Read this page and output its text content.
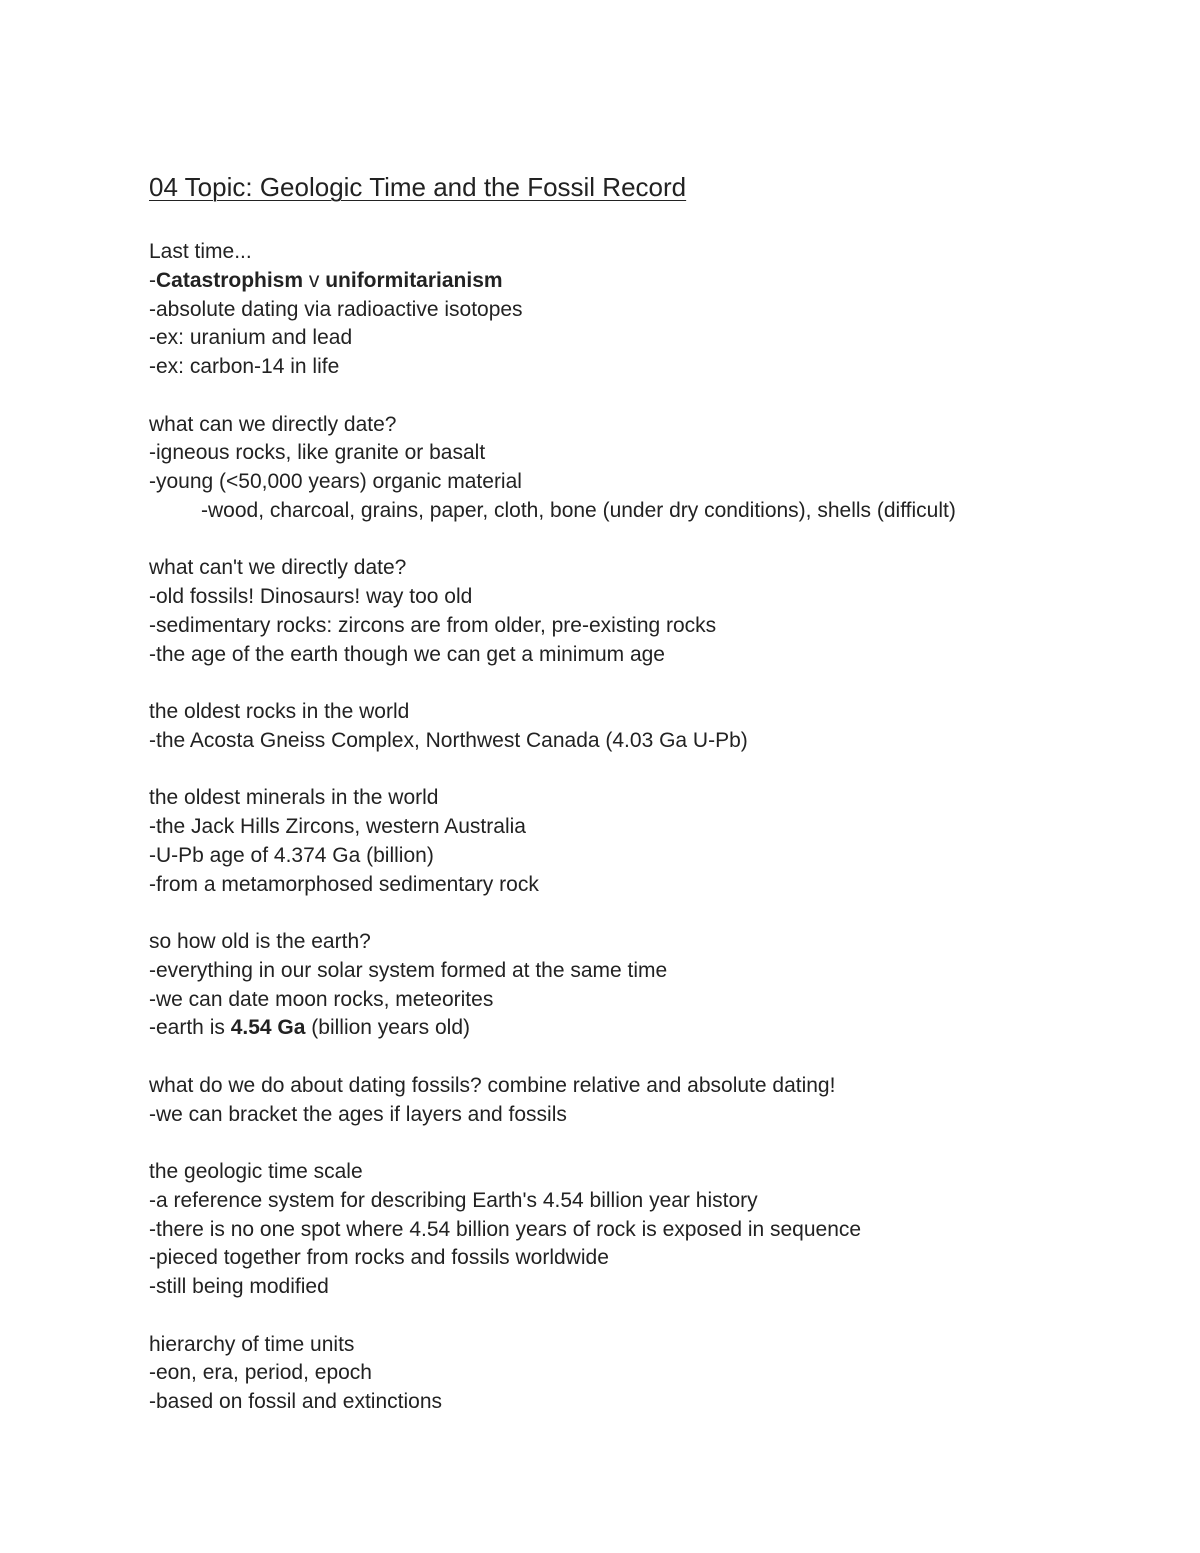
04 Topic: Geologic Time and the Fossil Record
Last time...
-Catastrophism v uniformitarianism
-absolute dating via radioactive isotopes
-ex: uranium and lead
-ex: carbon-14 in life
what can we directly date?
-igneous rocks, like granite or basalt
-young (<50,000 years) organic material
-wood, charcoal, grains, paper, cloth, bone (under dry conditions), shells (difficult)
what can't we directly date?
-old fossils! Dinosaurs! way too old
-sedimentary rocks: zircons are from older, pre-existing rocks
-the age of the earth though we can get a minimum age
the oldest rocks in the world
-the Acosta Gneiss Complex, Northwest Canada (4.03 Ga U-Pb)
the oldest minerals in the world
-the Jack Hills Zircons, western Australia
-U-Pb age of 4.374 Ga (billion)
-from a metamorphosed sedimentary rock
so how old is the earth?
-everything in our solar system formed at the same time
-we can date moon rocks, meteorites
-earth is 4.54 Ga (billion years old)
what do we do about dating fossils? combine relative and absolute dating!
-we can bracket the ages if layers and fossils
the geologic time scale
-a reference system for describing Earth's 4.54 billion year history
-there is no one spot where 4.54 billion years of rock is exposed in sequence
-pieced together from rocks and fossils worldwide
-still being modified
hierarchy of time units
-eon, era, period, epoch
-based on fossil and extinctions
